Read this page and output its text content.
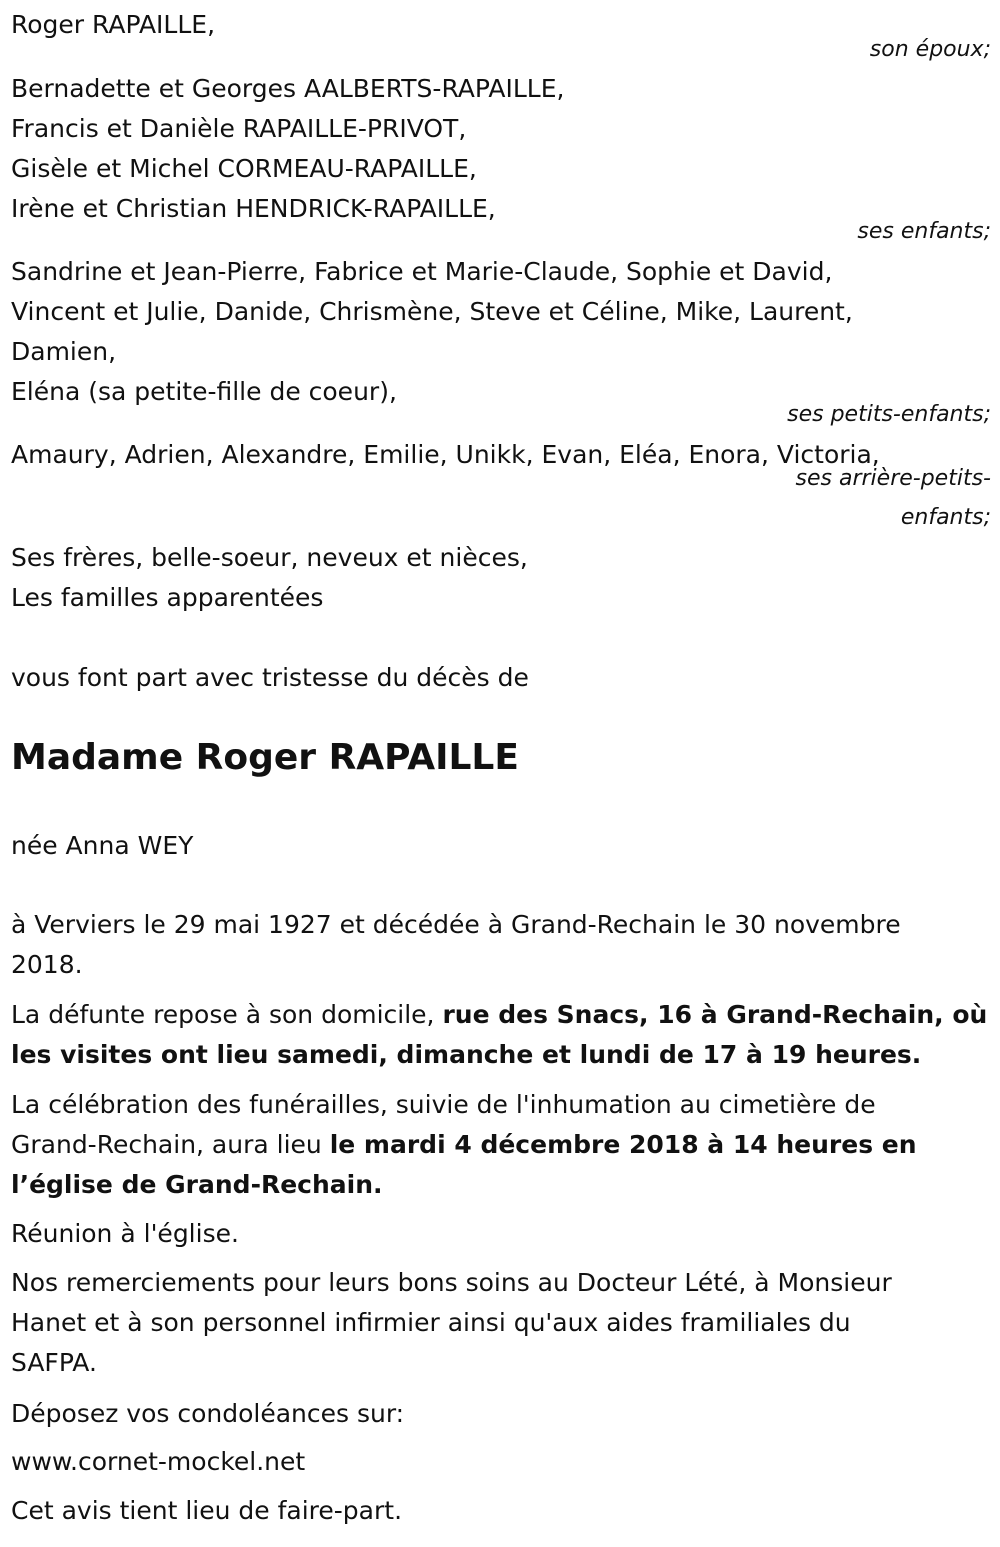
Roger RAPAILLE,
son époux;
Bernadette et Georges AALBERTS-RAPAILLE,
Francis et Danièle RAPAILLE-PRIVOT,
Gisèle et Michel CORMEAU-RAPAILLE,
Irène et Christian HENDRICK-RAPAILLE,
ses enfants;
Sandrine et Jean-Pierre, Fabrice et Marie-Claude, Sophie et David,
Vincent et Julie, Danide, Chrismène, Steve et Céline, Mike, Laurent,
Damien,
Eléna (sa petite-fille de coeur),
ses petits-enfants;
Amaury, Adrien, Alexandre, Emilie, Unikk, Evan, Eléa, Enora, Victoria,
ses arrière-petits-
enfants;
Ses frères, belle-soeur, neveux et nièces,
Les familles apparentées
vous font part avec tristesse du décès de
Madame Roger RAPAILLE
née Anna WEY
à Verviers le 29 mai 1927 et décédée à Grand-Rechain le 30 novembre
2018.
La défunte repose à son domicile, rue des Snacs, 16 à Grand-Rechain, où
les visites ont lieu samedi, dimanche et lundi de 17 à 19 heures.
La célébration des funérailles, suivie de l'inhumation au cimetière de
Grand-Rechain, aura lieu le mardi 4 décembre 2018 à 14 heures en
l’église de Grand-Rechain.
Réunion à l'église.
Nos remerciements pour leurs bons soins au Docteur Lété, à Monsieur
Hanet et à son personnel infirmier ainsi qu'aux aides framiliales du
SAFPA.
Déposez vos condoléances sur:
www.cornet-mockel.net
Cet avis tient lieu de faire-part.
